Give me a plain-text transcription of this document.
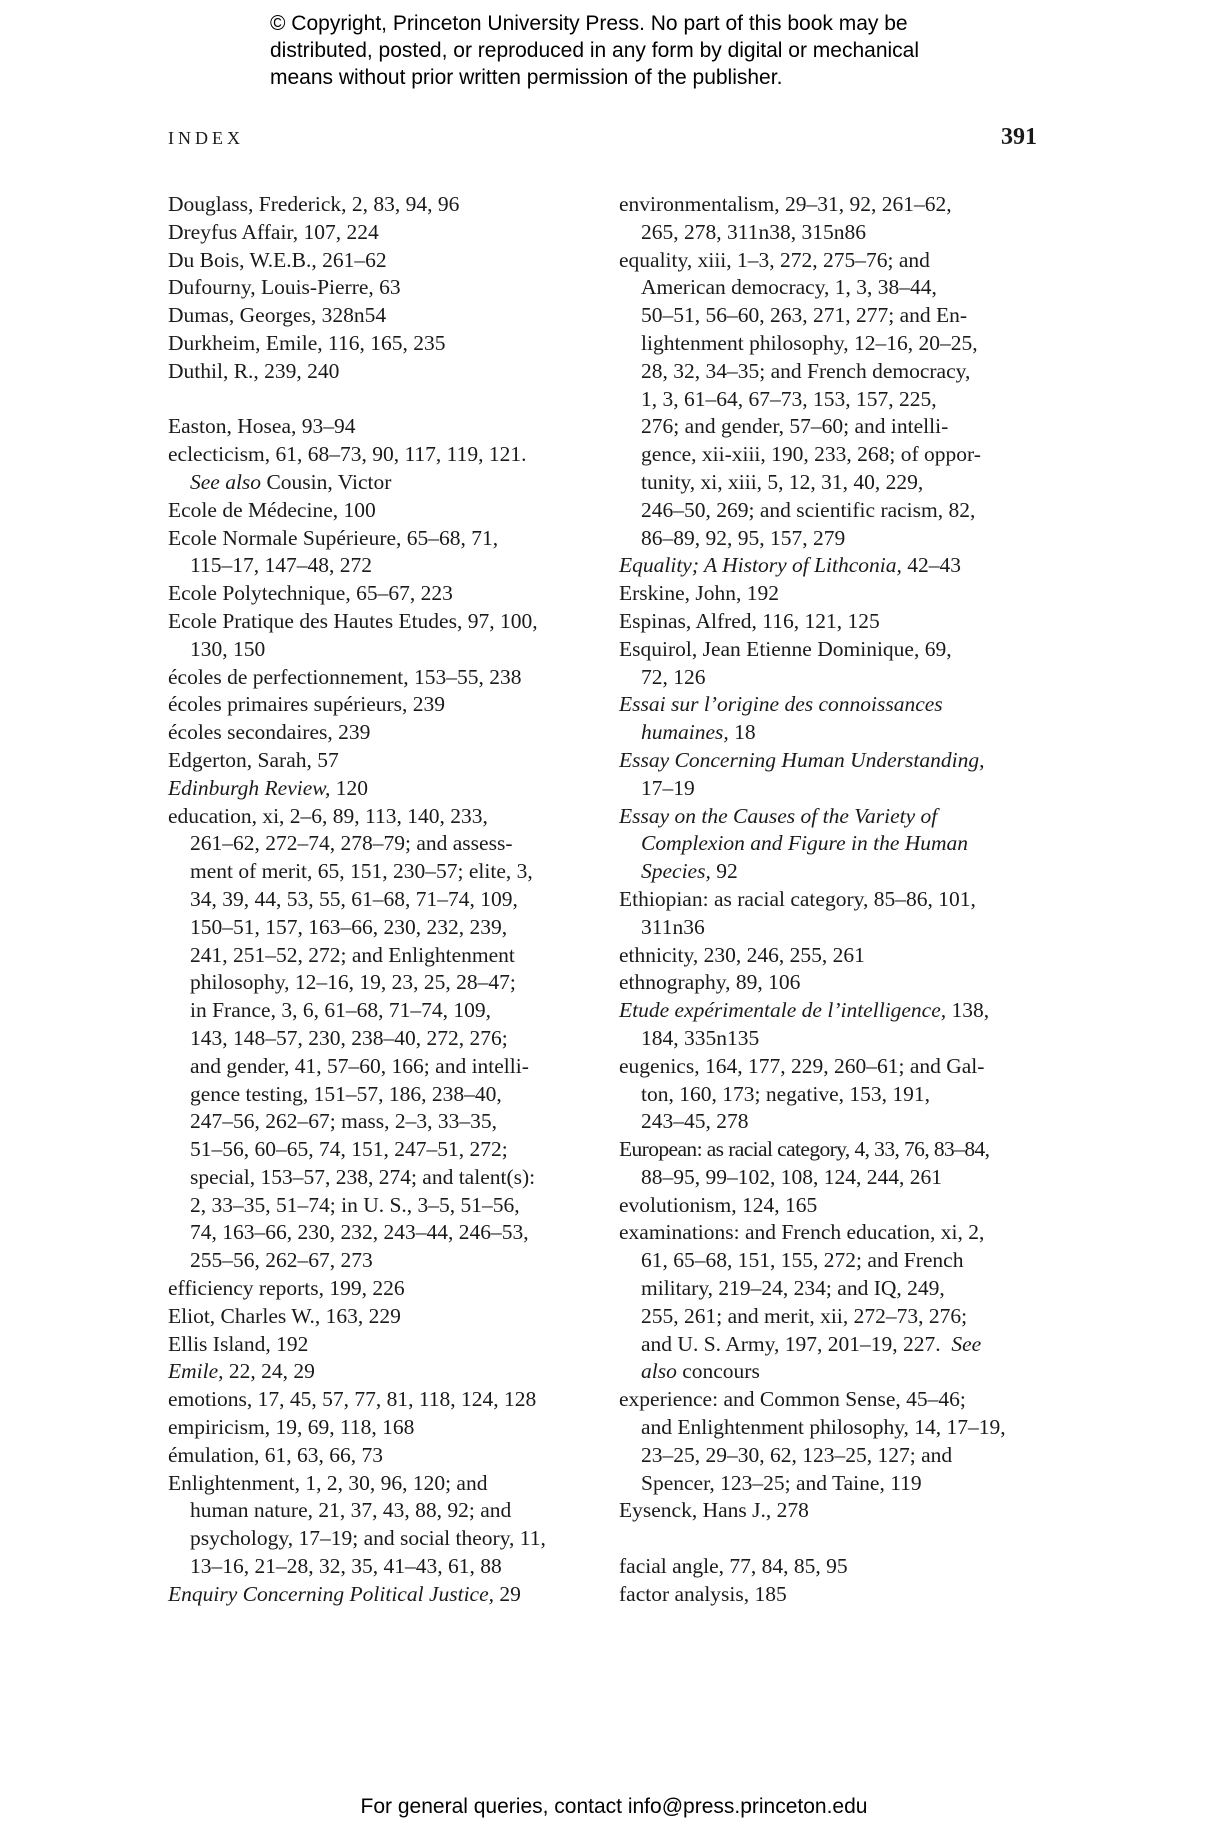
© Copyright, Princeton University Press. No part of this book may be
distributed, posted, or reproduced in any form by digital or mechanical
means without prior written permission of the publisher.
INDEX	391
Douglass, Frederick, 2, 83, 94, 96
Dreyfus Affair, 107, 224
Du Bois, W.E.B., 261–62
Dufourny, Louis-Pierre, 63
Dumas, Georges, 328n54
Durkheim, Emile, 116, 165, 235
Duthil, R., 239, 240
Easton, Hosea, 93–94
eclecticism, 61, 68–73, 90, 117, 119, 121.
See also Cousin, Victor
Ecole de Médecine, 100
Ecole Normale Supérieure, 65–68, 71,
115–17, 147–48, 272
Ecole Polytechnique, 65–67, 223
Ecole Pratique des Hautes Etudes, 97, 100,
130, 150
écoles de perfectionnement, 153–55, 238
écoles primaires supérieurs, 239
écoles secondaires, 239
Edgerton, Sarah, 57
Edinburgh Review, 120
education, xi, 2–6, 89, 113, 140, 233,
261–62, 272–74, 278–79; and assess-
ment of merit, 65, 151, 230–57; elite, 3,
34, 39, 44, 53, 55, 61–68, 71–74, 109,
150–51, 157, 163–66, 230, 232, 239,
241, 251–52, 272; and Enlightenment
philosophy, 12–16, 19, 23, 25, 28–47;
in France, 3, 6, 61–68, 71–74, 109,
143, 148–57, 230, 238–40, 272, 276;
and gender, 41, 57–60, 166; and intelli-
gence testing, 151–57, 186, 238–40,
247–56, 262–67; mass, 2–3, 33–35,
51–56, 60–65, 74, 151, 247–51, 272;
special, 153–57, 238, 274; and talent(s):
2, 33–35, 51–74; in U. S., 3–5, 51–56,
74, 163–66, 230, 232, 243–44, 246–53,
255–56, 262–67, 273
efficiency reports, 199, 226
Eliot, Charles W., 163, 229
Ellis Island, 192
Emile, 22, 24, 29
emotions, 17, 45, 57, 77, 81, 118, 124, 128
empiricism, 19, 69, 118, 168
émulation, 61, 63, 66, 73
Enlightenment, 1, 2, 30, 96, 120; and
human nature, 21, 37, 43, 88, 92; and
psychology, 17–19; and social theory, 11,
13–16, 21–28, 32, 35, 41–43, 61, 88
Enquiry Concerning Political Justice, 29
environmentalism, 29–31, 92, 261–62,
265, 278, 311n38, 315n86
equality, xiii, 1–3, 272, 275–76; and
American democracy, 1, 3, 38–44,
50–51, 56–60, 263, 271, 277; and En-
lightenment philosophy, 12–16, 20–25,
28, 32, 34–35; and French democracy,
1, 3, 61–64, 67–73, 153, 157, 225,
276; and gender, 57–60; and intelli-
gence, xii-xiii, 190, 233, 268; of oppor-
tunity, xi, xiii, 5, 12, 31, 40, 229,
246–50, 269; and scientific racism, 82,
86–89, 92, 95, 157, 279
Equality; A History of Lithconia, 42–43
Erskine, John, 192
Espinas, Alfred, 116, 121, 125
Esquirol, Jean Etienne Dominique, 69,
72, 126
Essai sur l’origine des connoissances
humaines, 18
Essay Concerning Human Understanding,
17–19
Essay on the Causes of the Variety of
Complexion and Figure in the Human
Species, 92
Ethiopian: as racial category, 85–86, 101,
311n36
ethnicity, 230, 246, 255, 261
ethnography, 89, 106
Etude expérimentale de l’intelligence, 138,
184, 335n135
eugenics, 164, 177, 229, 260–61; and Gal-
ton, 160, 173; negative, 153, 191,
243–45, 278
European: as racial category, 4, 33, 76, 83–84,
88–95, 99–102, 108, 124, 244, 261
evolutionism, 124, 165
examinations: and French education, xi, 2,
61, 65–68, 151, 155, 272; and French
military, 219–24, 234; and IQ, 249,
255, 261; and merit, xii, 272–73, 276;
and U. S. Army, 197, 201–19, 227. See
also concours
experience: and Common Sense, 45–46;
and Enlightenment philosophy, 14, 17–19,
23–25, 29–30, 62, 123–25, 127; and
Spencer, 123–25; and Taine, 119
Eysenck, Hans J., 278
facial angle, 77, 84, 85, 95
factor analysis, 185
For general queries, contact info@press.princeton.edu
